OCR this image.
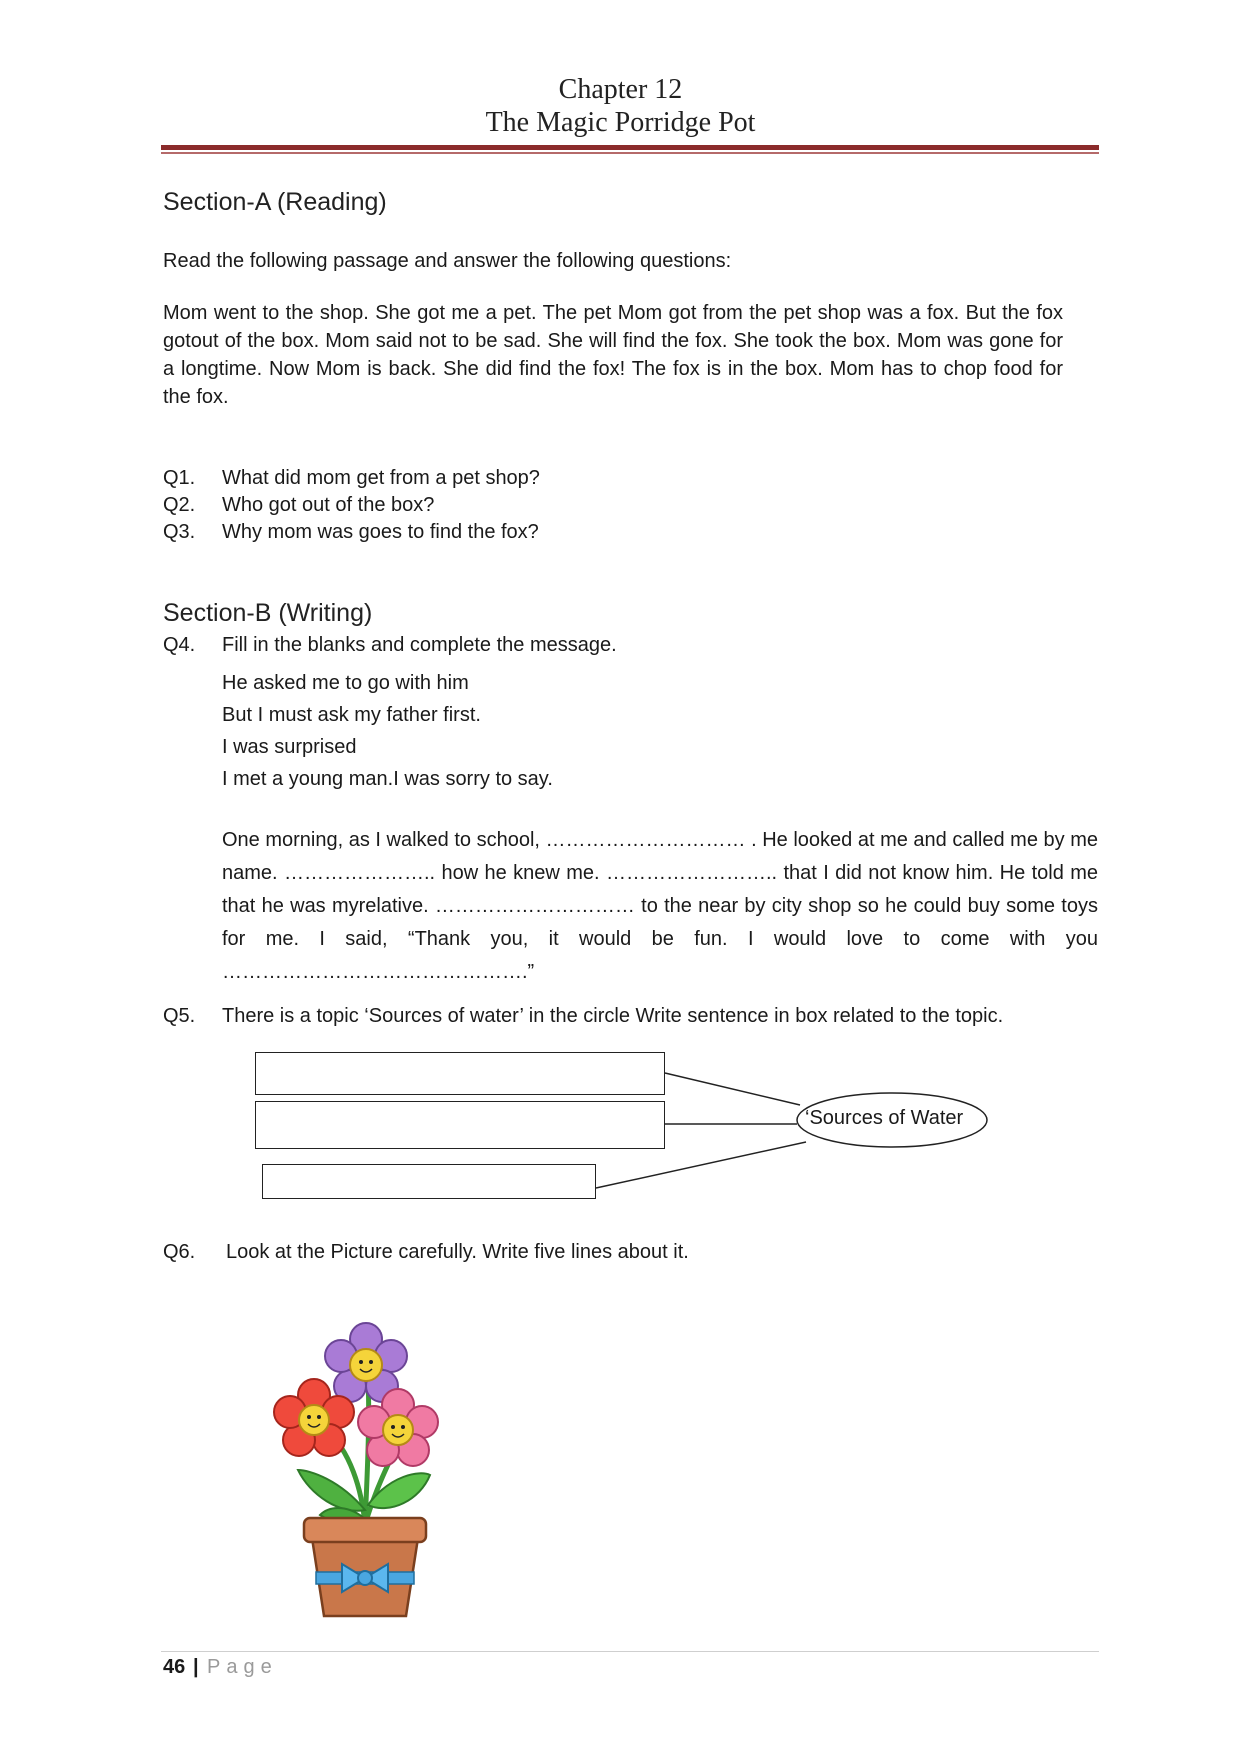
Chapter 12
The Magic Porridge Pot
Section-A (Reading)
Read the following passage and answer the following questions:
Mom went to the shop. She got me a pet. The pet Mom got from the pet shop was a fox. But the fox gotout of the box. Mom said not to be sad. She will find the fox. She took the box. Mom was gone for a longtime. Now Mom is back. She did find the fox! The fox is in the box. Mom has to chop food for the fox.
Q1. What did mom get from a pet shop?
Q2. Who got out of the box?
Q3. Why mom was goes to find the fox?
Section-B (Writing)
Q4. Fill in the blanks and complete the message.
He asked me to go with him
But I must ask my father first.
I was surprised
I met a young man.I was sorry to say.
One morning, as I walked to school, ………………………… . He looked at me and called me by me name. ………………….. how he knew me. …………………….. that I did not know him. He told me that he was myrelative. ………………………… to the near by city shop so he could buy some toys for me. I said, “Thank you, it would be fun. I would love to come with you ……………………………………….”
Q5. There is a topic ‘Sources of water’ in the circle Write sentence in box related to the topic.
‘Sources of Water
Q6. Look at the Picture carefully. Write five lines about it.
46 | Page
